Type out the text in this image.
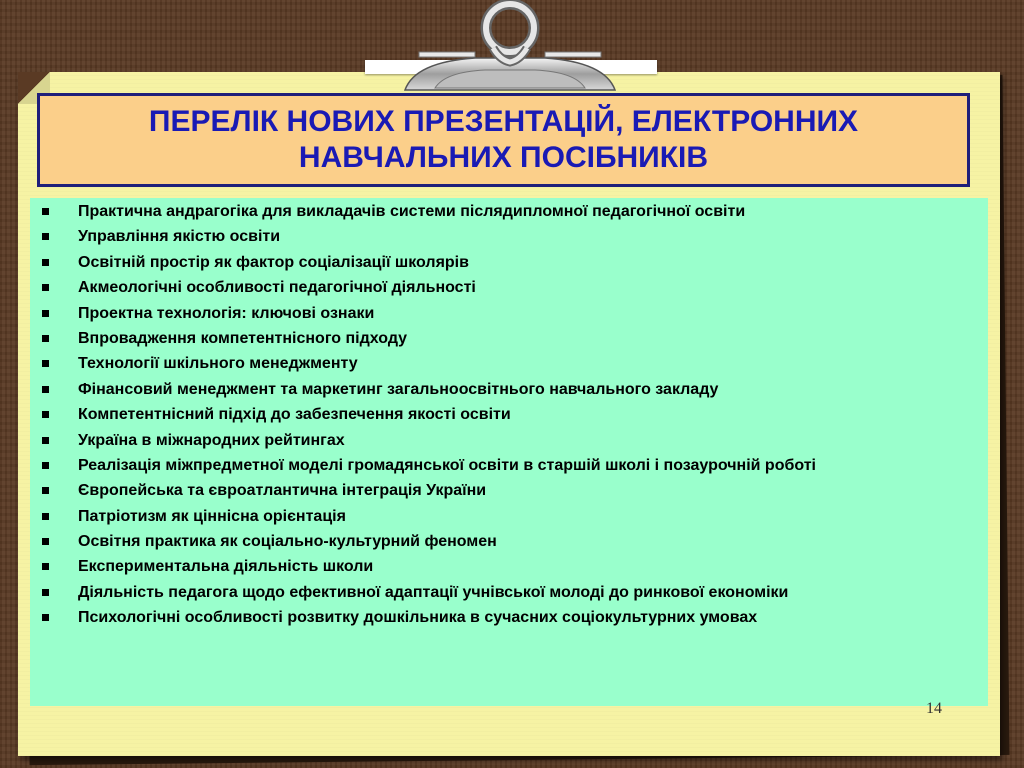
ПЕРЕЛІК НОВИХ ПРЕЗЕНТАЦІЙ, ЕЛЕКТРОННИХ
НАВЧАЛЬНИХ ПОСІБНИКІВ

Практична андрагогіка для викладачів системи післядипломної педагогічної освіти
Управління якістю освіти
Освітній простір як фактор соціалізації школярів
Акмеологічні особливості педагогічної діяльності
Проектна технологія: ключові ознаки
Впровадження компетентнісного підходу
Технології шкільного менеджменту
Фінансовий менеджмент та маркетинг загальноосвітнього навчального закладу
Компетентнісний підхід до забезпечення якості освіти
Україна в міжнародних рейтингах
Реалізація міжпредметної моделі громадянської освіти в старшій школі і позаурочній роботі
Європейська та євроатлантична інтеграція України
Патріотизм як ціннісна орієнтація
Освітня практика як соціально-культурний феномен
Експериментальна діяльність школи
Діяльність педагога щодо ефективної адаптації учнівської молоді до ринкової економіки
Психологічні особливості розвитку дошкільника в сучасних соціокультурних умовах
14
